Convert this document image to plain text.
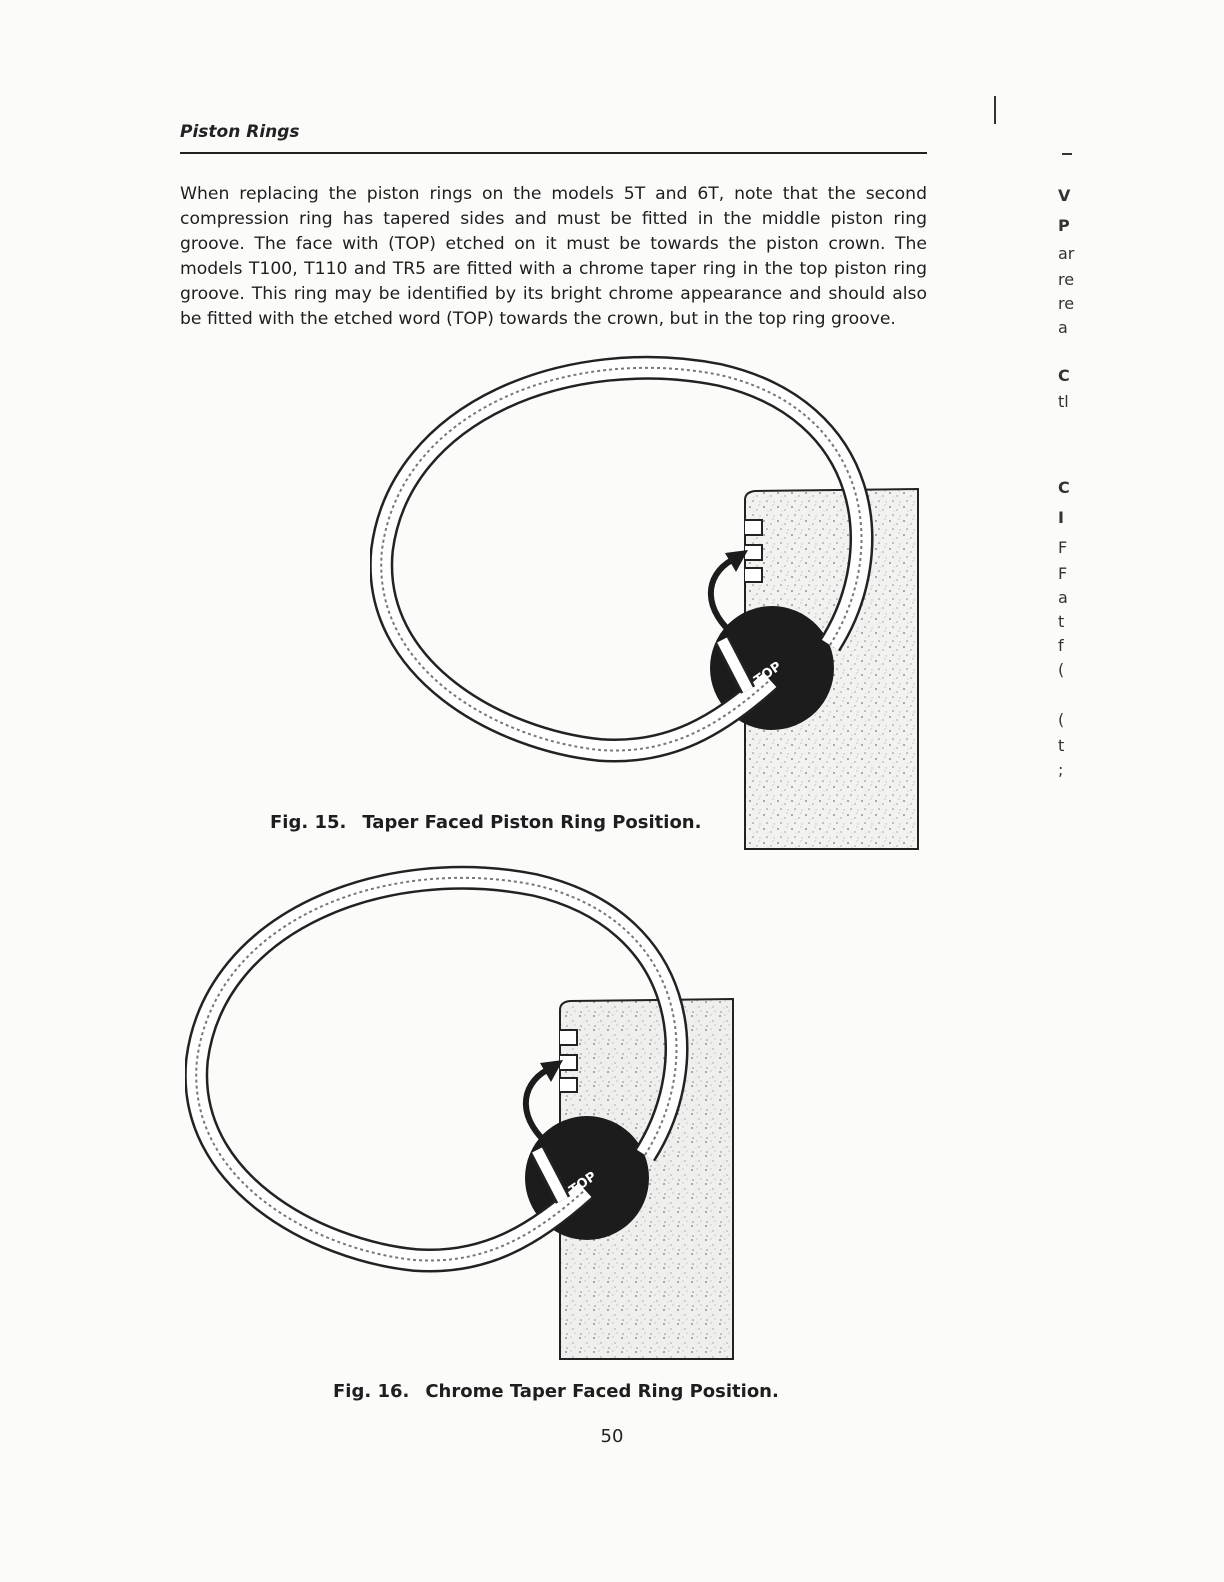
Piston Rings
When replacing the piston rings on the models 5T and 6T, note that the second compression ring has tapered sides and must be fitted in the middle piston ring groove. The face with (TOP) etched on it must be towards the piston crown. The models T100, T110 and TR5 are fitted with a chrome taper ring in the top piston ring groove. This ring may be identified by its bright chrome appearance and should also be fitted with the etched word (TOP) towards the crown, but in the top ring groove.
TOP
Fig. 15. Taper Faced Piston Ring Position.
TOP
Fig. 16. Chrome Taper Faced Ring Position.
50
V
P
ar
re
re
a
C
tl
C
I
F
F
a
t
f
(
(
t
;
